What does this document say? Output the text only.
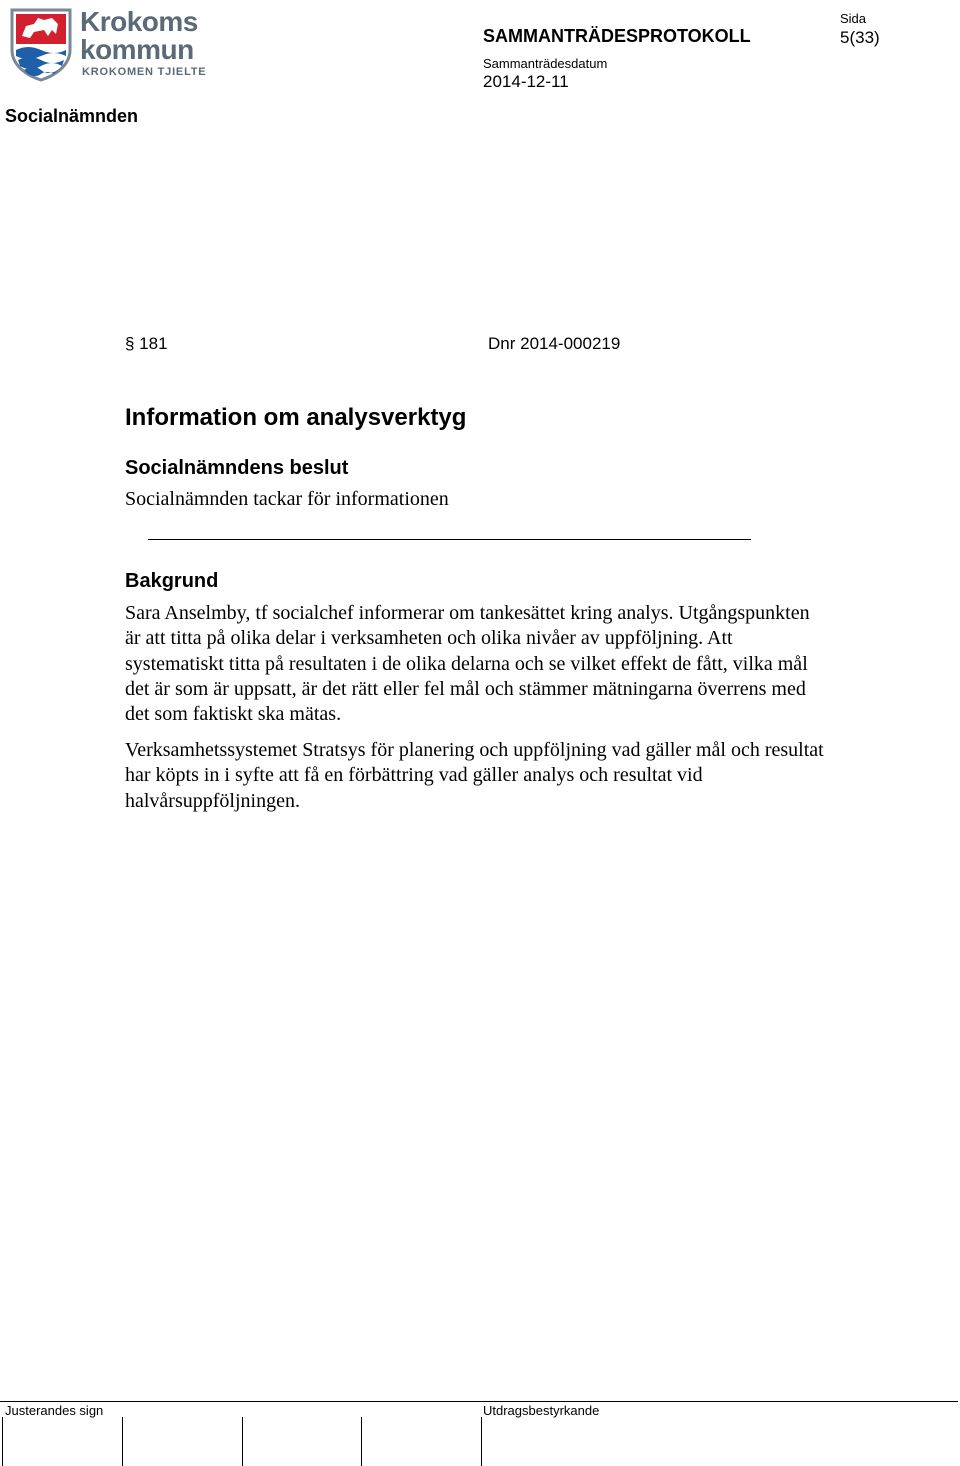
Krokoms
kommun
KROKOMEN TJIELTE
Socialnämnden
SAMMANTRÄDESPROTOKOLL
Sammanträdesdatum
2014-12-11
Sida
5(33)
§ 181	Dnr 2014-000219
Information om analysverktyg
Socialnämndens beslut
Socialnämnden tackar för informationen
Bakgrund

Sara Anselmby, tf socialchef informerar om tankesättet kring analys. Utgångspunkten är att titta på olika delar i verksamheten och olika nivåer av uppföljning. Att systematiskt titta på resultaten i de olika delarna och se vilket effekt de fått, vilka mål det är som är uppsatt, är det rätt eller fel mål och stämmer mätningarna överrens med det som faktiskt ska mätas.

Verksamhetssystemet Stratsys för planering och uppföljning vad gäller mål och resultat har köpts in i syfte att få en förbättring vad gäller analys och resultat vid halvårsuppföljningen.

Justerandes sign	Utdragsbestyrkande
